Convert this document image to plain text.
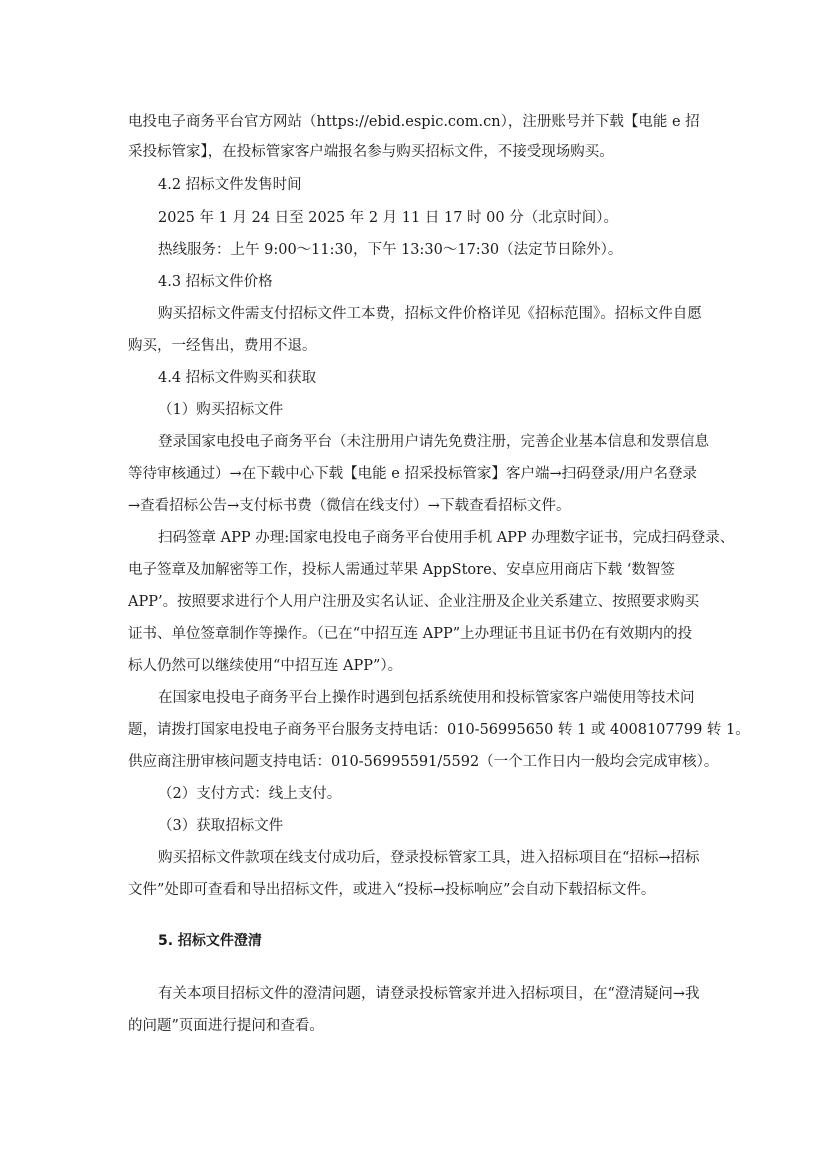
电投电子商务平台官方网站（https://ebid.espic.com.cn），注册账号并下载【电能 e 招
采投标管家】，在投标管家客户端报名参与购买招标文件，不接受现场购买。
4.2 招标文件发售时间
2025 年 1 月 24 日至 2025 年 2 月 11 日 17 时 00 分（北京时间）。
热线服务：上午 9:00～11:30，下午 13:30～17:30（法定节日除外）。
4.3 招标文件价格
购买招标文件需支付招标文件工本费，招标文件价格详见《招标范围》。招标文件自愿
购买，一经售出，费用不退。
4.4 招标文件购买和获取
（1）购买招标文件
登录国家电投电子商务平台（未注册用户请先免费注册，完善企业基本信息和发票信息
等待审核通过）→在下载中心下载【电能 e 招采投标管家】客户端→扫码登录/用户名登录
→查看招标公告→支付标书费（微信在线支付）→下载查看招标文件。
扫码签章 APP 办理:国家电投电子商务平台使用手机 APP 办理数字证书，完成扫码登录、
电子签章及加解密等工作，投标人需通过苹果 AppStore、安卓应用商店下载 ‘数智签
APP’。按照要求进行个人用户注册及实名认证、企业注册及企业关系建立、按照要求购买
证书、单位签章制作等操作。（已在“中招互连 APP”上办理证书且证书仍在有效期内的投
标人仍然可以继续使用“中招互连 APP”）。
在国家电投电子商务平台上操作时遇到包括系统使用和投标管家客户端使用等技术问
题，请拨打国家电投电子商务平台服务支持电话：010-56995650 转 1 或 4008107799 转 1。
供应商注册审核问题支持电话：010-56995591/5592（一个工作日内一般均会完成审核）。
（2）支付方式：线上支付。
（3）获取招标文件
购买招标文件款项在线支付成功后，登录投标管家工具，进入招标项目在“招标→招标
文件”处即可查看和导出招标文件，或进入“投标→投标响应”会自动下载招标文件。
5. 招标文件澄清
有关本项目招标文件的澄清问题，请登录投标管家并进入招标项目，在“澄清疑问→我
的问题”页面进行提问和查看。
